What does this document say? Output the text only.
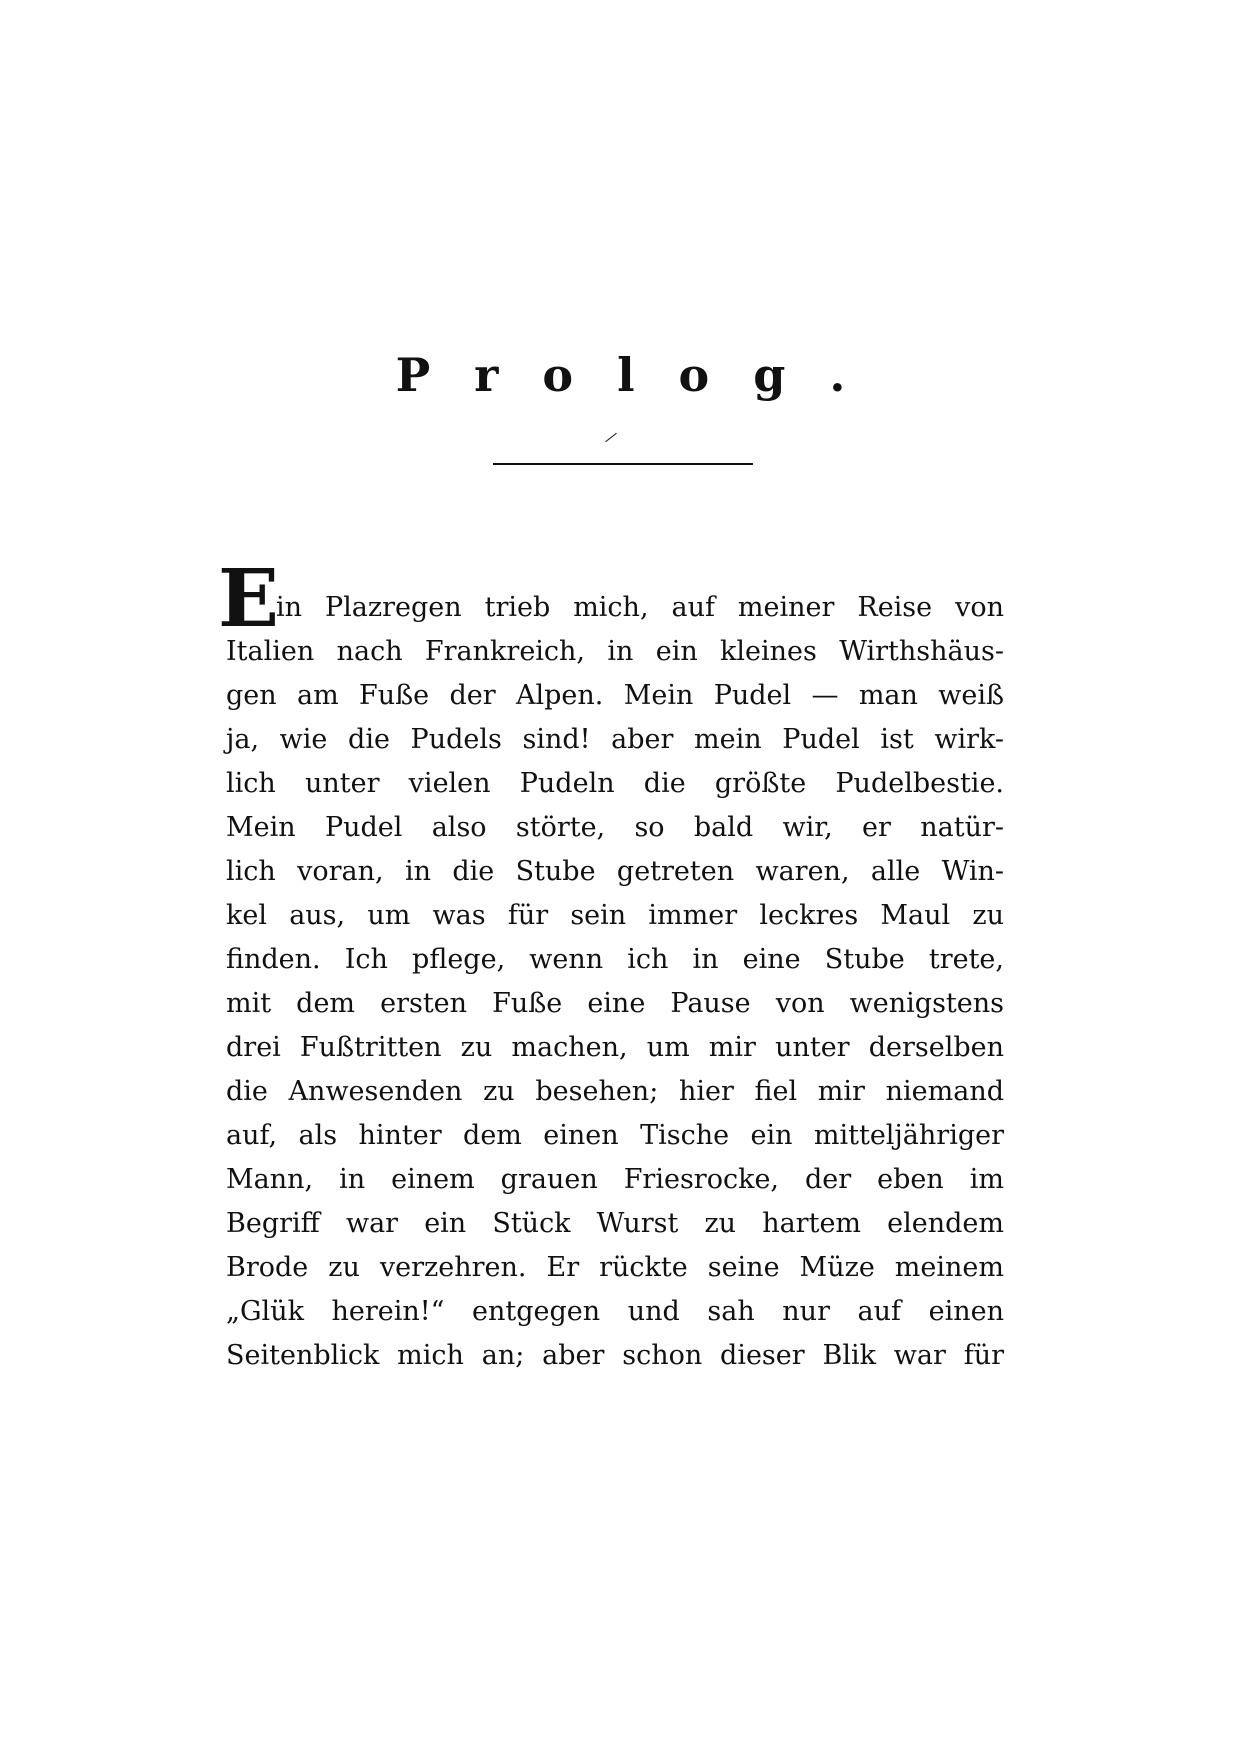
Prolog.
E
in Plazregen trieb mich, auf meiner Reise von
Italien nach Frankreich, in ein kleines Wirthshäus-
gen am Fuße der Alpen. Mein Pudel — man weiß
ja, wie die Pudels sind! aber mein Pudel ist wirk-
lich unter vielen Pudeln die größte Pudelbestie.
Mein Pudel also störte, so bald wir, er natür-
lich voran, in die Stube getreten waren, alle Win-
kel aus, um was für sein immer leckres Maul zu
finden. Ich pflege, wenn ich in eine Stube trete,
mit dem ersten Fuße eine Pause von wenigstens
drei Fußtritten zu machen, um mir unter derselben
die Anwesenden zu besehen; hier fiel mir niemand
auf, als hinter dem einen Tische ein mitteljähriger
Mann, in einem grauen Friesrocke, der eben im
Begriff war ein Stück Wurst zu hartem elendem
Brode zu verzehren. Er rückte seine Müze meinem
„Glük herein!“ entgegen und sah nur auf einen
Seitenblick mich an; aber schon dieser Blik war für
